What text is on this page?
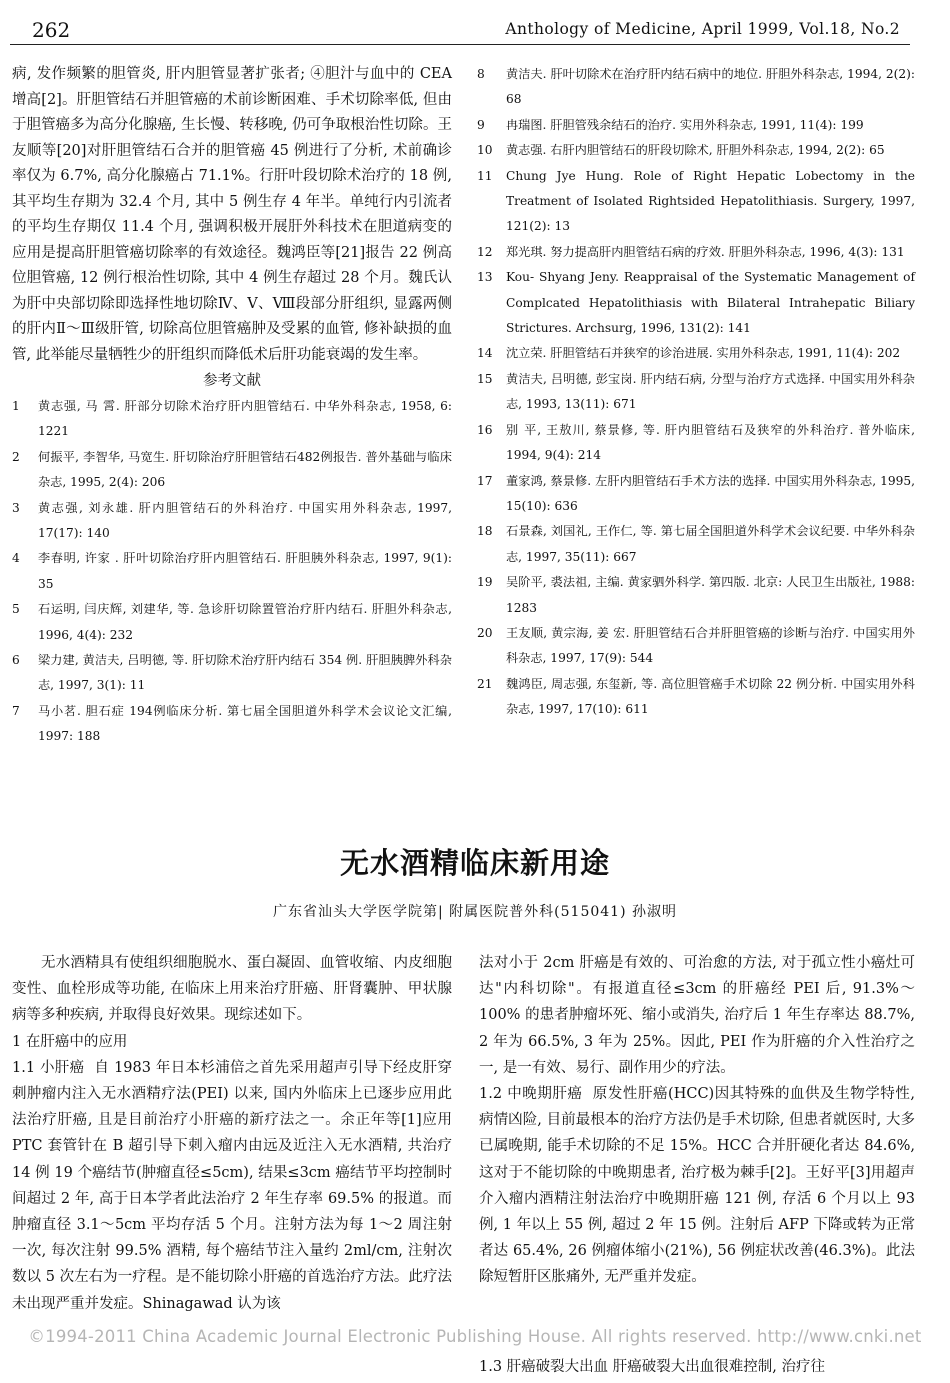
262	Anthology of Medicine, April 1999, Vol.18, No.2

病, 发作频繁的胆管炎, 肝内胆管显著扩张者; ④胆汁与血中的 CEA 增高[2]。肝胆管结石并胆管癌的术前诊断困难、手术切除率低, 但由于胆管癌多为高分化腺癌, 生长慢、转移晚, 仍可争取根治性切除。王友顺等[20]对肝胆管结石合并的胆管癌 45 例进行了分析, 术前确诊率仅为 6.7%, 高分化腺癌占 71.1%。行肝叶段切除术治疗的 18 例, 其平均生存期为 32.4 个月, 其中 5 例生存 4 年半。单纯行内引流者的平均生存期仅 11.4 个月, 强调积极开展肝外科技术在胆道病变的应用是提高肝胆管癌切除率的有效途径。魏鸿臣等[21]报告 22 例高位胆管癌, 12 例行根治性切除, 其中 4 例生存超过 28 个月。魏氏认为肝中央部切除即选择性地切除Ⅳ、Ⅴ、Ⅷ段部分肝组织, 显露两侧的肝内Ⅱ～Ⅲ级肝管, 切除高位胆管癌肿及受累的血管, 修补缺损的血管, 此举能尽量牺牲少的肝组织而降低术后肝功能衰竭的发生率。

参考文献
1	黄志强, 马 霄. 肝部分切除术治疗肝内胆管结石. 中华外科杂志, 1958, 6: 1221
2	何振平, 李智华, 马宽生. 肝切除治疗肝胆管结石482例报告. 普外基础与临床杂志, 1995, 2(4): 206
3	黄志强, 刘永雄. 肝内胆管结石的外科治疗. 中国实用外科杂志, 1997, 17(17): 140
4	李春明, 许家 . 肝叶切除治疗肝内胆管结石. 肝胆胰外科杂志, 1997, 9(1): 35
5	石运明, 闫庆辉, 刘建华, 等. 急诊肝切除置管治疗肝内结石. 肝胆外科杂志, 1996, 4(4): 232
6	梁力建, 黄洁夫, 吕明德, 等. 肝切除术治疗肝内结石 354 例. 肝胆胰脾外科杂志, 1997, 3(1): 11
7	马小茗. 胆石症 194例临床分析. 第七届全国胆道外科学术会议论文汇编, 1997: 188
8	黄洁夫. 肝叶切除术在治疗肝内结石病中的地位. 肝胆外科杂志, 1994, 2(2): 68
9	冉瑞图. 肝胆管残余结石的治疗. 实用外科杂志, 1991, 11(4): 199
10	黄志强. 右肝内胆管结石的肝段切除术, 肝胆外科杂志, 1994, 2(2): 65
11	Chung Jye Hung. Role of Right Hepatic Lobectomy in the Treatment of Isolated Rightsided Hepatolithiasis. Surgery, 1997, 121(2): 13
12	郑光琪. 努力提高肝内胆管结石病的疗效. 肝胆外科杂志, 1996, 4(3): 131
13	Kou- Shyang Jeny. Reappraisal of the Systematic Management of Complcated Hepatolithiasis with Bilateral Intrahepatic Biliary Strictures. Archsurg, 1996, 131(2): 141
14	沈立荣. 肝胆管结石并狭窄的诊治进展. 实用外科杂志, 1991, 11(4): 202
15	黄洁夫, 吕明德, 彭宝岗. 肝内结石病, 分型与治疗方式选择. 中国实用外科杂志, 1993, 13(11): 671
16	别 平, 王敖川, 蔡景修, 等. 肝内胆管结石及狭窄的外科治疗. 普外临床, 1994, 9(4): 214
17	董家鸿, 蔡景修. 左肝内胆管结石手术方法的选择. 中国实用外科杂志, 1995, 15(10): 636
18	石景森, 刘国礼, 王作仁, 等. 第七届全国胆道外科学术会议纪要. 中华外科杂志, 1997, 35(11): 667
19	吴阶平, 裘法祖, 主编. 黄家驷外科学. 第四版. 北京: 人民卫生出版社, 1988: 1283
20	王友顺, 黄宗海, 姜 宏. 肝胆管结石合并肝胆管癌的诊断与治疗. 中国实用外科杂志, 1997, 17(9): 544
21	魏鸿臣, 周志强, 东玺新, 等. 高位胆管癌手术切除 22 例分析. 中国实用外科杂志, 1997, 17(10): 611
无水酒精临床新用途
广东省汕头大学医学院第| 附属医院普外科(515041) 孙淑明

无水酒精具有使组织细胞脱水、蛋白凝固、血管收缩、内皮细胞变性、血栓形成等功能, 在临床上用来治疗肝癌、肝肾囊肿、甲状腺病等多种疾病, 并取得良好效果。现综述如下。

1 在肝癌中的应用

1.1 小肝癌 自 1983 年日本杉浦倍之首先采用超声引导下经皮肝穿刺肿瘤内注入无水酒精疗法(PEI) 以来, 国内外临床上已逐步应用此法治疗肝癌, 且是目前治疗小肝癌的新疗法之一。余正年等[1]应用 PTC 套管针在 B 超引导下刺入瘤内由远及近注入无水酒精, 共治疗 14 例 19 个癌结节(肿瘤直径≤5cm), 结果≤3cm 癌结节平均控制时间超过 2 年, 高于日本学者此法治疗 2 年生存率 69.5% 的报道。而肿瘤直径 3.1～5cm 平均存活 5 个月。注射方法为每 1～2 周注射一次, 每次注射 99.5% 酒精, 每个癌结节注入量约 2ml/cm, 注射次数以 5 次左右为一疗程。是不能切除小肝癌的首选治疗方法。此疗法未出现严重并发症。Shinagawad 认为该

法对小于 2cm 肝癌是有效的、可治愈的方法, 对于孤立性小癌灶可达"内科切除"。有报道直径≤3cm 的肝癌经 PEI 后, 91.3%～100% 的患者肿瘤坏死、缩小或消失, 治疗后 1 年生存率达 88.7%, 2 年为 66.5%, 3 年为 25%。因此, PEI 作为肝癌的介入性治疗之一, 是一有效、易行、副作用少的疗法。

1.2 中晚期肝癌 原发性肝癌(HCC)因其特殊的血供及生物学特性, 病情凶险, 目前最根本的治疗方法仍是手术切除, 但患者就医时, 大多已属晚期, 能手术切除的不足 15%。HCC 合并肝硬化者达 84.6%, 这对于不能切除的中晚期患者, 治疗极为棘手[2]。王好平[3]用超声介入瘤内酒精注射法治疗中晚期肝癌 121 例, 存活 6 个月以上 93 例, 1 年以上 55 例, 超过 2 年 15 例。注射后 AFP 下降或转为正常者达 65.4%, 26 例瘤体缩小(21%), 56 例症状改善(46.3%)。此法除短暂肝区胀痛外, 无严重并发症。

©1994-2011 China Academic Journal Electronic Publishing House. All rights reserved. http://www.cnki.net
1.3 肝癌破裂大出血 肝癌破裂大出血很难控制, 治疗往
